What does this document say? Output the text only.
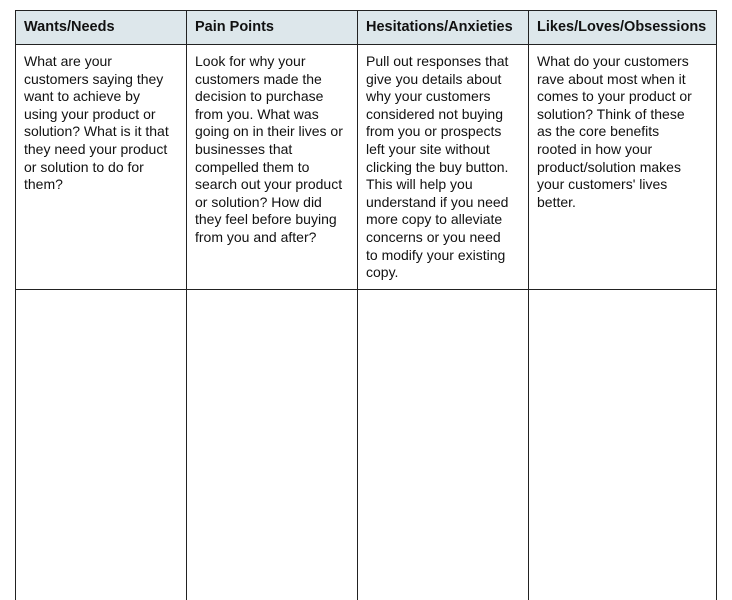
Wants/Needs
What are your
customers saying they
want to achieve by
using your product or
solution? What is it that
they need your product
or solution to do for
them?
Pain Points
Look for why your
customers made the
decision to purchase
from you. What was
going on in their lives or
businesses that
compelled them to
search out your product
or solution? How did
they feel before buying
from you and after?
Hesitations/Anxieties
Pull out responses that
give you details about
why your customers
considered not buying
from you or prospects
left your site without
clicking the buy button.
This will help you
understand if you need
more copy to alleviate
concerns or you need
to modify your existing
copy.
Likes/Loves/Obsessions
What do your customers
rave about most when it
comes to your product or
solution? Think of these
as the core benefits
rooted in how your
product/solution makes
your customers' lives
better.
